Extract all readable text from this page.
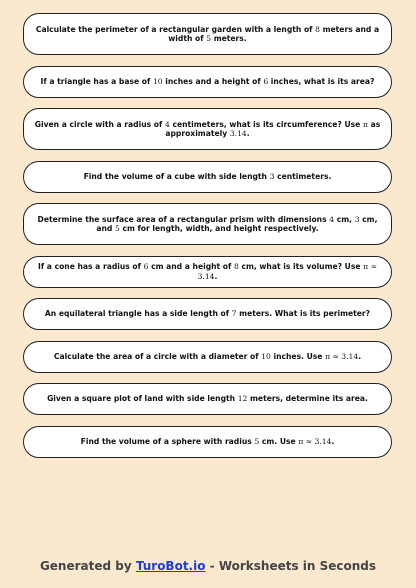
Calculate the perimeter of a rectangular garden with a length of 8 meters and a width of 5 meters.
If a triangle has a base of 10 inches and a height of 6 inches, what is its area?
Given a circle with a radius of 4 centimeters, what is its circumference? Use π as approximately 3.14.
Find the volume of a cube with side length 3 centimeters.
Determine the surface area of a rectangular prism with dimensions 4 cm, 3 cm, and 5 cm for length, width, and height respectively.
If a cone has a radius of 6 cm and a height of 8 cm, what is its volume? Use π ≈ 3.14.
An equilateral triangle has a side length of 7 meters. What is its perimeter?
Calculate the area of a circle with a diameter of 10 inches. Use π ≈ 3.14.
Given a square plot of land with side length 12 meters, determine its area.
Find the volume of a sphere with radius 5 cm. Use π ≈ 3.14.
Generated by TuroBot.io - Worksheets in Seconds
